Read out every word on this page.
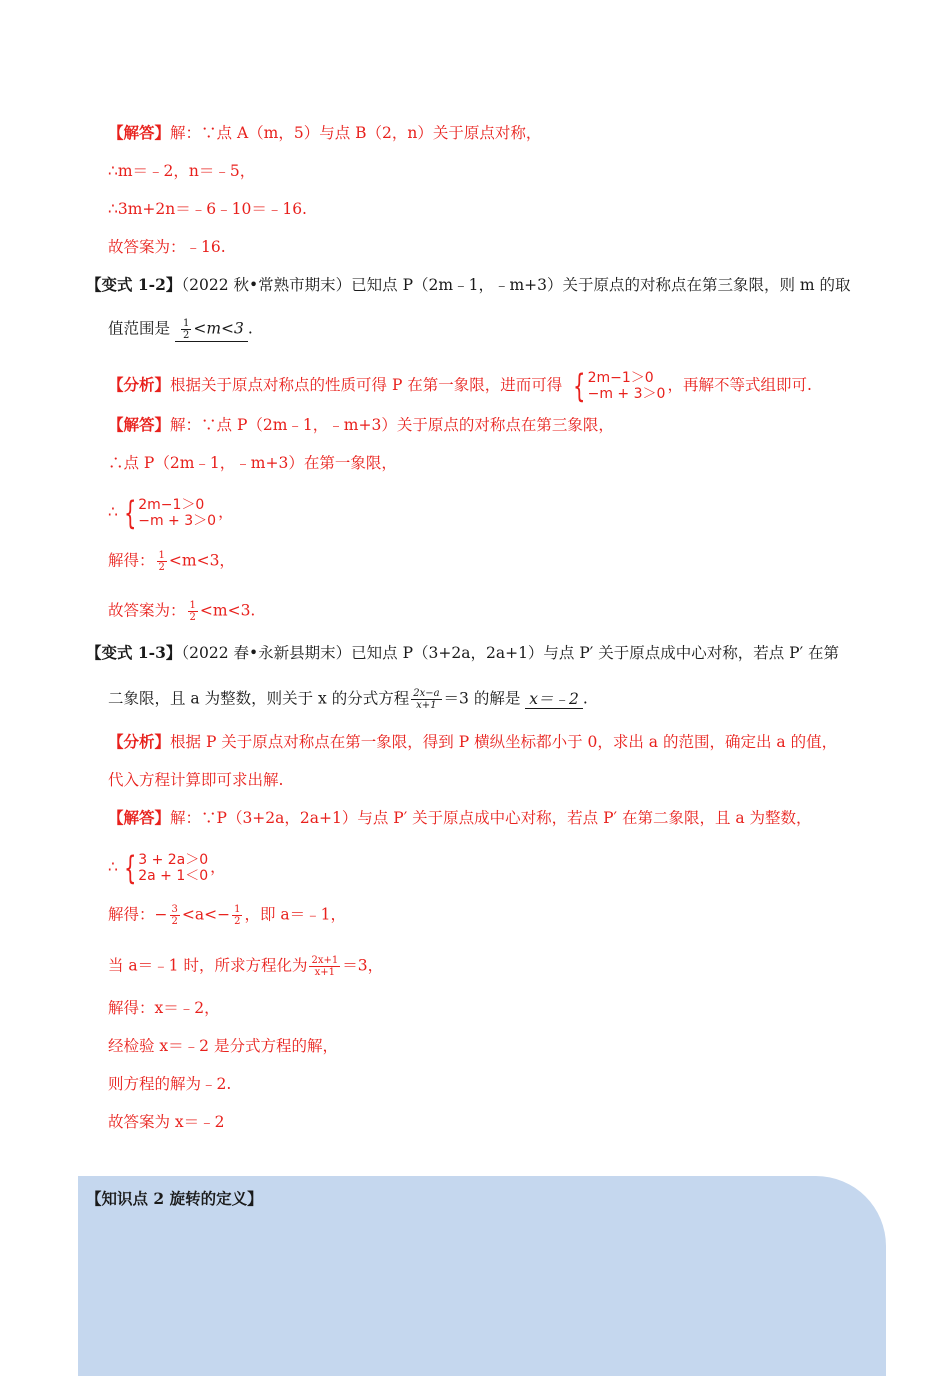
【解答】解：∵点 A（m，5）与点 B（2，n）关于原点对称，
∴m＝﹣2，n＝﹣5，
∴3m+2n＝﹣6﹣10＝﹣16.
故答案为：﹣16.
【变式 1-2】（2022 秋•常熟市期末）已知点 P（2m﹣1，﹣m+3）关于原点的对称点在第三象限，则 m 的取
值范围是 $\frac{1}{2} <m<3$ .
【分析】根据关于原点对称点的性质可得 P 在第一象限，进而可得 { 2m−1＞0
−m + 3＞0 ，再解不等式组即可.
【解答】解：∵点 P（2m﹣1，﹣m+3）关于原点的对称点在第三象限，
∴点 P（2m﹣1，﹣m+3）在第一象限，
∴ { 2m−1＞0
−m + 3＞0 ，
解得： $\frac{1}{2} <m<3$，
故答案为： $\frac{1}{2} <m<3$.
【变式 1-3】（2022 春•永新县期末）已知点 P（3+2a，2a+1）与点 P′ 关于原点成中心对称，若点 P′ 在第
二象限，且 a 为整数，则关于 x 的分式方程 $\frac{2x-a}{x+1} =3$ 的解是 x＝﹣2 .
【分析】根据 P 关于原点对称点在第一象限，得到 P 横纵坐标都小于 0，求出 a 的范围，确定出 a 的值，
代入方程计算即可求出解.
【解答】解：∵P（3+2a，2a+1）与点 P′ 关于原点成中心对称，若点 P′ 在第二象限，且 a 为整数，
∴ { 3 + 2a＞0
2a + 1＜0 ，
解得：− $\frac{3}{2} <a<- \frac{1}{2}$ ，即 a＝﹣1，
当 a＝﹣1 时，所求方程化为 $\frac{2x+1}{x+1} =3$，
解得：x＝﹣2，
经检验 x＝﹣2 是分式方程的解，
则方程的解为﹣2.
故答案为 x＝﹣2
【知识点 2 旋转的定义】
